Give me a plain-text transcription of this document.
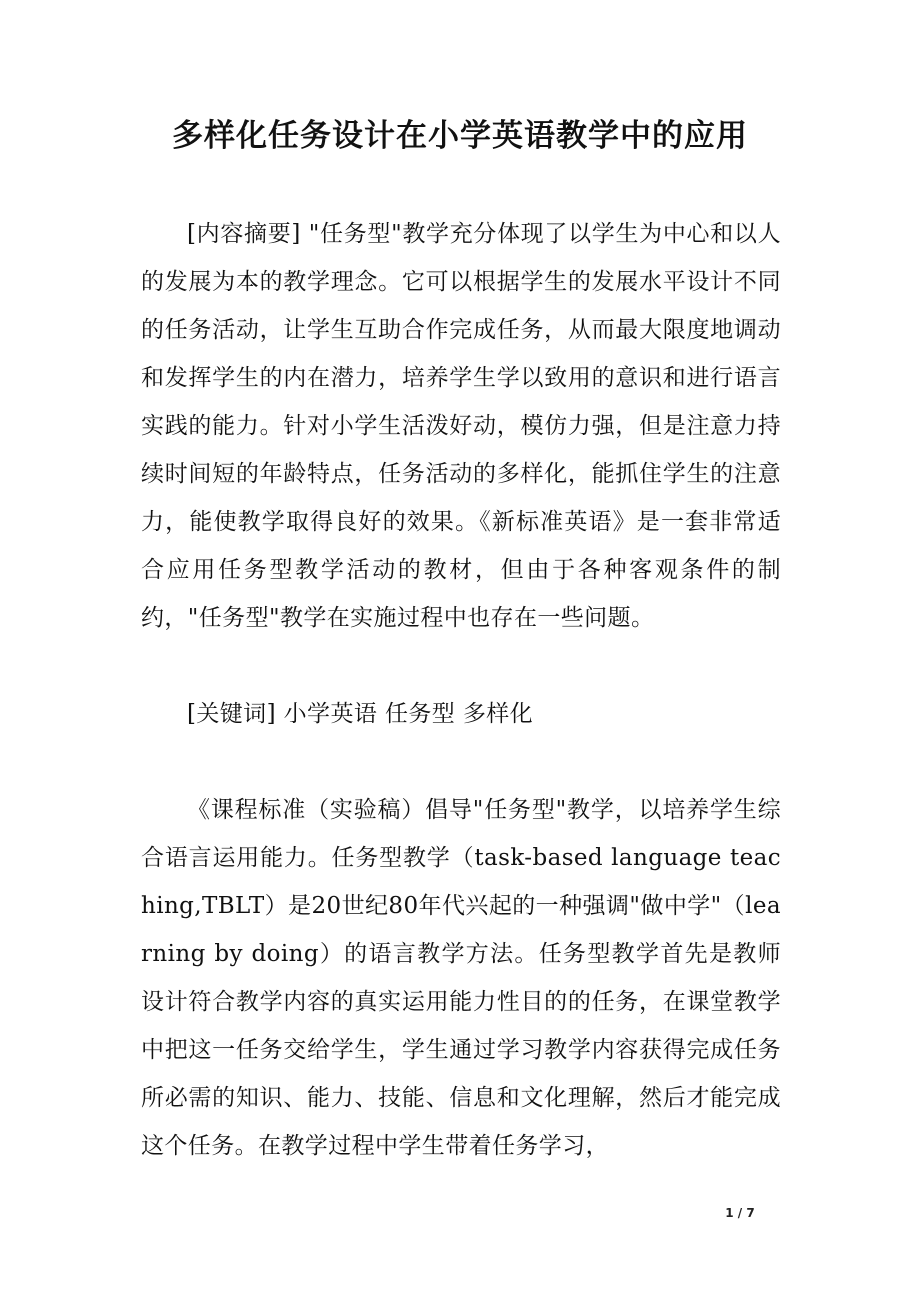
多样化任务设计在小学英语教学中的应用

[内容摘要] "任务型"教学充分体现了以学生为中心和以人的发展为本的教学理念。它可以根据学生的发展水平设计不同的任务活动，让学生互助合作完成任务，从而最大限度地调动和发挥学生的内在潜力，培养学生学以致用的意识和进行语言实践的能力。针对小学生活泼好动，模仿力强，但是注意力持续时间短的年龄特点，任务活动的多样化，能抓住学生的注意力，能使教学取得良好的效果。《新标准英语》是一套非常适合应用任务型教学活动的教材，但由于各种客观条件的制约，"任务型"教学在实施过程中也存在一些问题。

[关键词] 小学英语 任务型 多样化

《课程标准（实验稿）倡导"任务型"教学，以培养学生综合语言运用能力。任务型教学（task-based language teaching,TBLT）是20世纪80年代兴起的一种强调"做中学"（learning by doing）的语言教学方法。任务型教学首先是教师设计符合教学内容的真实运用能力性目的的任务，在课堂教学中把这一任务交给学生，学生通过学习教学内容获得完成任务所必需的知识、能力、技能、信息和文化理解，然后才能完成这个任务。在教学过程中学生带着任务学习，

1 / 7
